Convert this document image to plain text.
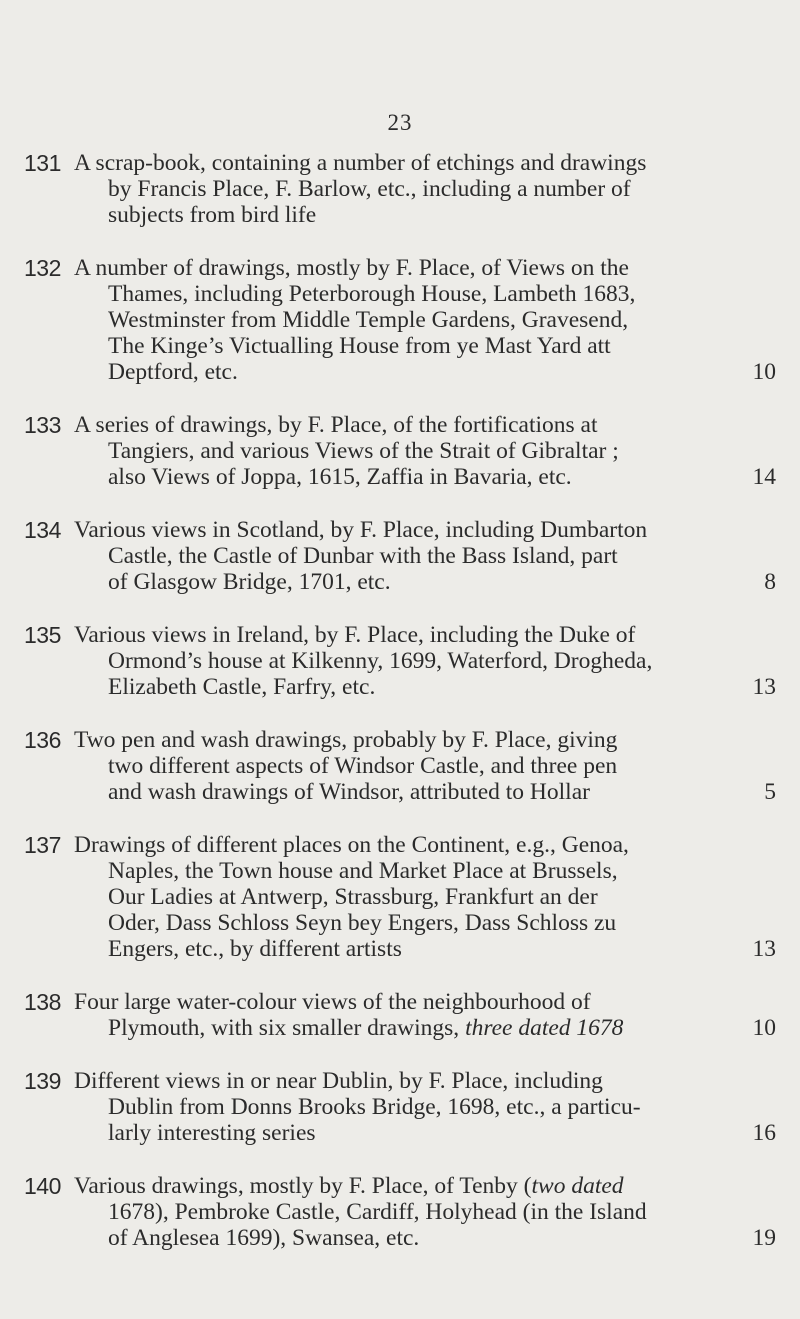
23
131 A scrap-book, containing a number of etchings and drawings
by Francis Place, F. Barlow, etc., including a number of
subjects from bird life
132 A number of drawings, mostly by F. Place, of Views on the
Thames, including Peterborough House, Lambeth 1683,
Westminster from Middle Temple Gardens, Gravesend,
The Kinge’s Victualling House from ye Mast Yard att
Deptford, etc.	10
133 A series of drawings, by F. Place, of the fortifications at
Tangiers, and various Views of the Strait of Gibraltar ;
also Views of Joppa, 1615, Zaffia in Bavaria, etc.	14
134 Various views in Scotland, by F. Place, including Dumbarton
Castle, the Castle of Dunbar with the Bass Island, part
of Glasgow Bridge, 1701, etc.	8
135 Various views in Ireland, by F. Place, including the Duke of
Ormond’s house at Kilkenny, 1699, Waterford, Drogheda,
Elizabeth Castle, Farfry, etc.	13
136 Two pen and wash drawings, probably by F. Place, giving
two different aspects of Windsor Castle, and three pen
and wash drawings of Windsor, attributed to Hollar	5
137 Drawings of different places on the Continent, e.g., Genoa,
Naples, the Town house and Market Place at Brussels,
Our Ladies at Antwerp, Strassburg, Frankfurt an der
Oder, Dass Schloss Seyn bey Engers, Dass Schloss zu
Engers, etc., by different artists	13
138 Four large water-colour views of the neighbourhood of
Plymouth, with six smaller drawings, three dated 1678	10
139 Different views in or near Dublin, by F. Place, including
Dublin from Donns Brooks Bridge, 1698, etc., a particu-
larly interesting series	16
140 Various drawings, mostly by F. Place, of Tenby (two dated
1678), Pembroke Castle, Cardiff, Holyhead (in the Island
of Anglesea 1699), Swansea, etc.	19
